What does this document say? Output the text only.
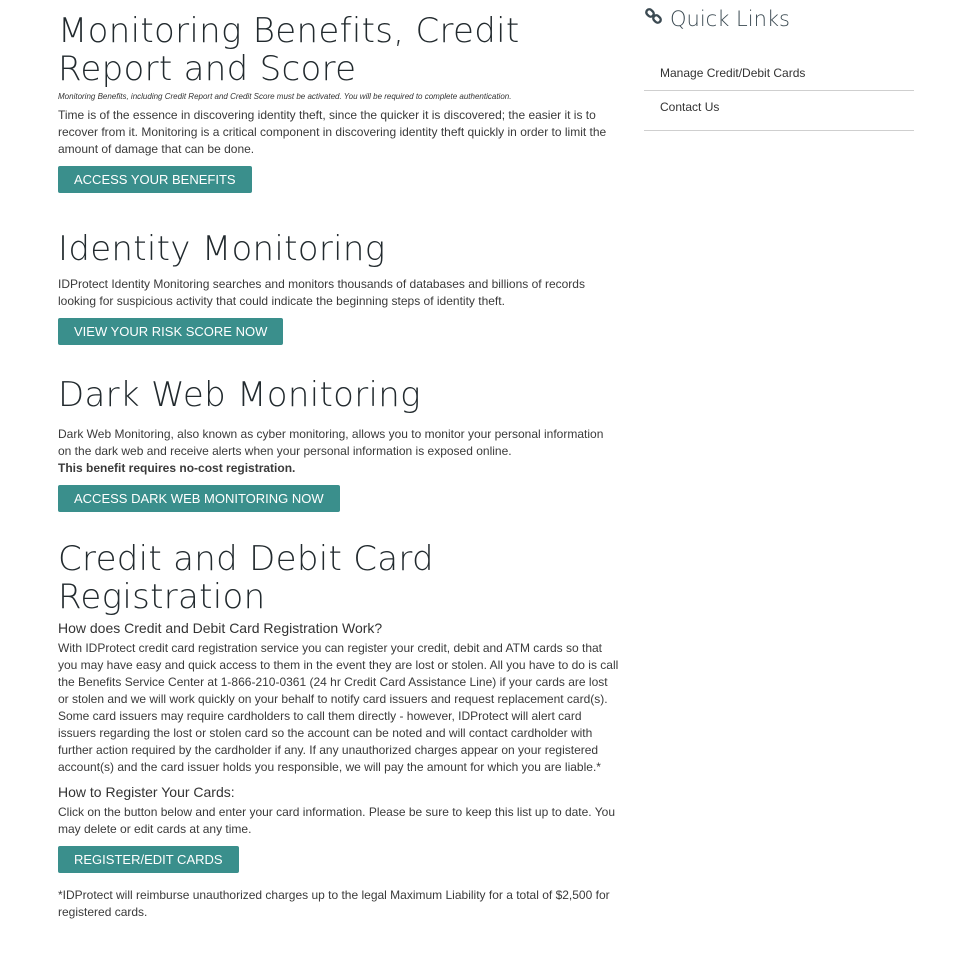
Monitoring Benefits, Credit Report and Score
Monitoring Benefits, including Credit Report and Credit Score must be activated. You will be required to complete authentication.

Time is of the essence in discovering identity theft, since the quicker it is discovered; the easier it is to recover from it. Monitoring is a critical component in discovering identity theft quickly in order to limit the amount of damage that can be done.

ACCESS YOUR BENEFITS
Identity Monitoring

IDProtect Identity Monitoring searches and monitors thousands of databases and billions of records looking for suspicious activity that could indicate the beginning steps of identity theft.

VIEW YOUR RISK SCORE NOW
Dark Web Monitoring

Dark Web Monitoring, also known as cyber monitoring, allows you to monitor your personal information on the dark web and receive alerts when your personal information is exposed online.

This benefit requires no-cost registration.

ACCESS DARK WEB MONITORING NOW
Credit and Debit Card Registration
How does Credit and Debit Card Registration Work?

With IDProtect credit card registration service you can register your credit, debit and ATM cards so that you may have easy and quick access to them in the event they are lost or stolen. All you have to do is call the Benefits Service Center at 1-866-210-0361 (24 hr Credit Card Assistance Line) if your cards are lost or stolen and we will work quickly on your behalf to notify card issuers and request replacement card(s). Some card issuers may require cardholders to call them directly - however, IDProtect will alert card issuers regarding the lost or stolen card so the account can be noted and will contact cardholder with further action required by the cardholder if any. If any unauthorized charges appear on your registered account(s) and the card issuer holds you responsible, we will pay the amount for which you are liable.*

How to Register Your Cards:

Click on the button below and enter your card information. Please be sure to keep this list up to date. You may delete or edit cards at any time.

REGISTER/EDIT CARDS

*IDProtect will reimburse unauthorized charges up to the legal Maximum Liability for a total of $2,500 for registered cards.

Quick Links
Manage Credit/Debit Cards
Contact Us
